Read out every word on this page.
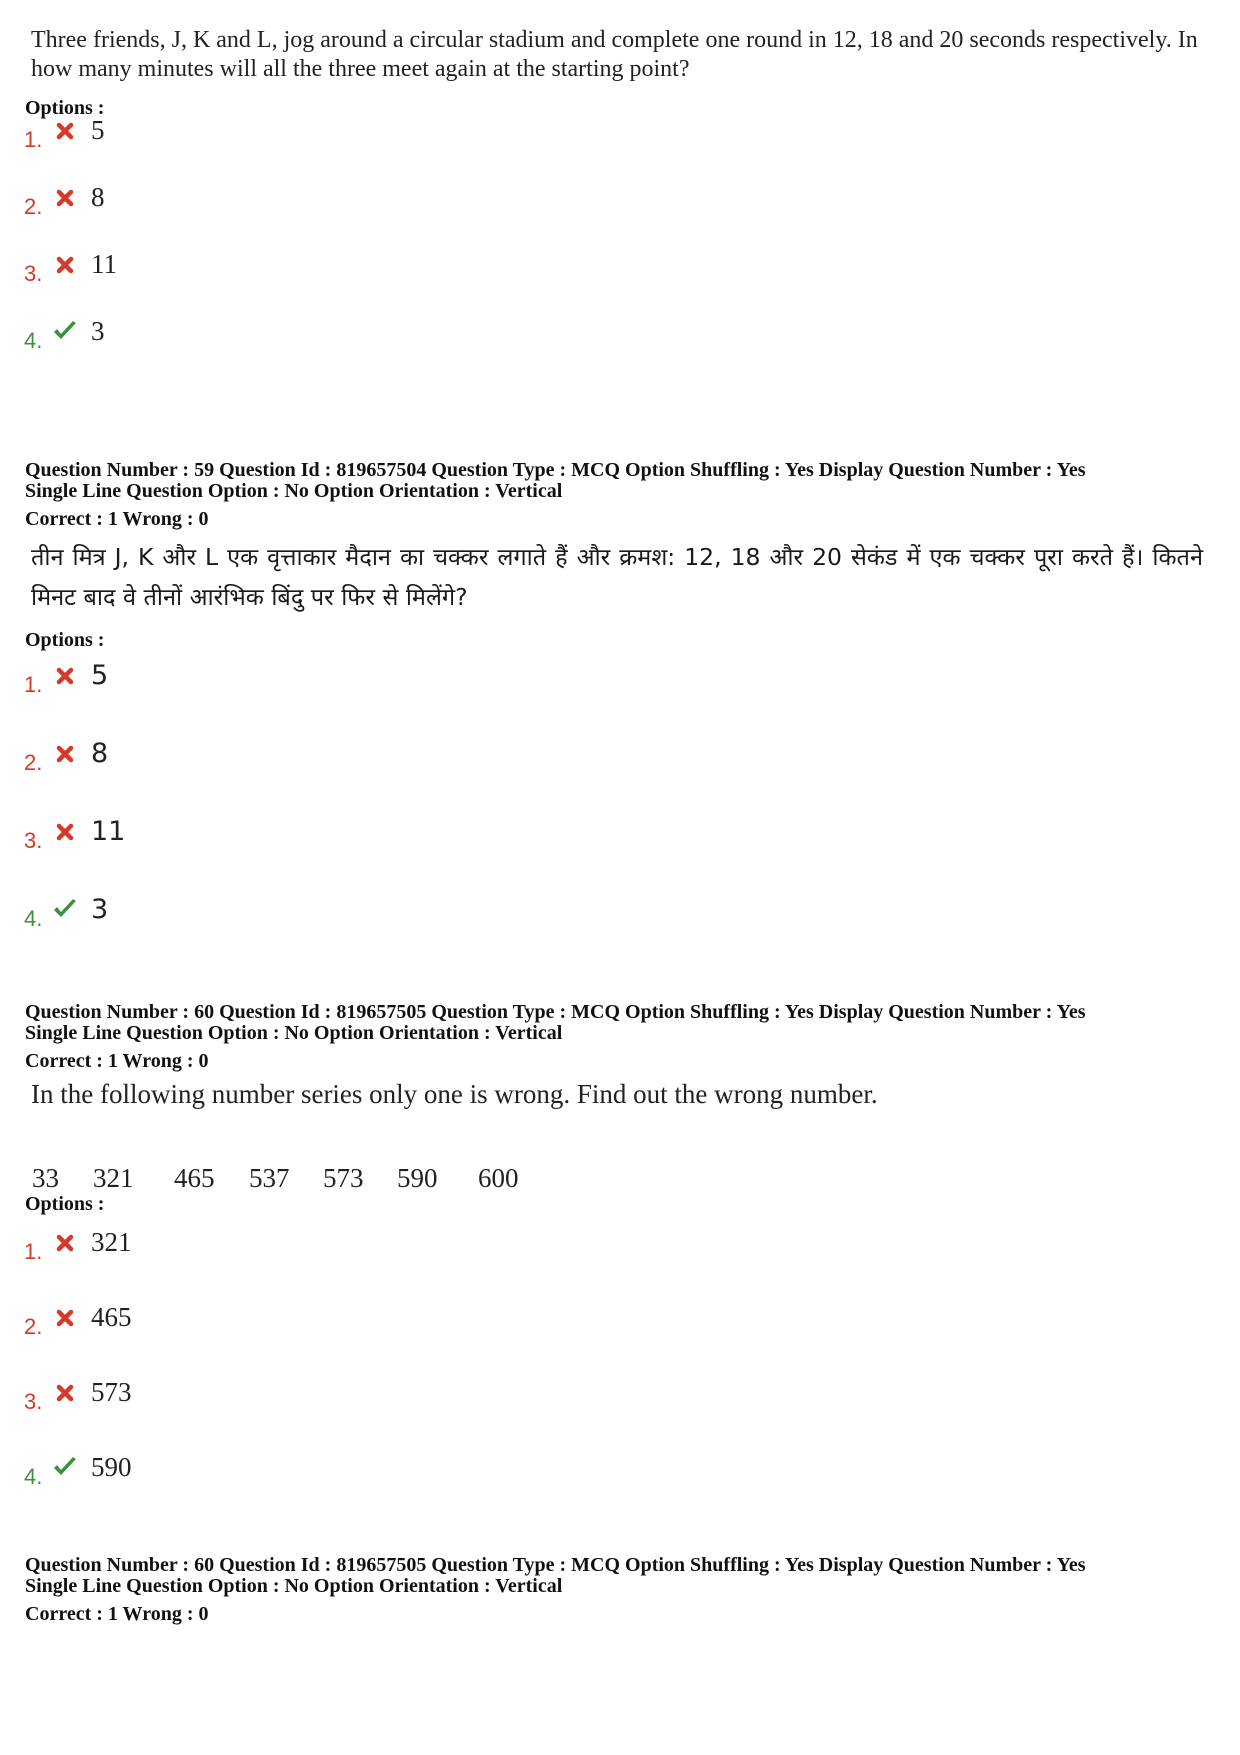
Three friends, J, K and L, jog around a circular stadium and complete one round in 12, 18 and 20 seconds respectively. In how many minutes will all the three meet again at the starting point?
Options :
1. 5
2. 8
3. 11
4. 3
Question Number : 59 Question Id : 819657504 Question Type : MCQ Option Shuffling : Yes Display Question Number : Yes
Single Line Question Option : No Option Orientation : Vertical
Correct : 1 Wrong : 0
तीन मित्र J, K और L एक वृत्ताकार मैदान का चक्कर लगाते हैं और क्रमश: 12, 18 और 20 सेकंड में एक चक्कर पूरा करते हैं। कितने मिनट बाद वे तीनों आरंभिक बिंदु पर फिर से मिलेंगे?
Options :
1. 5
2. 8
3. 11
4. 3
Question Number : 60 Question Id : 819657505 Question Type : MCQ Option Shuffling : Yes Display Question Number : Yes
Single Line Question Option : No Option Orientation : Vertical
Correct : 1 Wrong : 0
In the following number series only one is wrong. Find out the wrong number.
33 321 465 537 573 590 600
Options :
1. 321
2. 465
3. 573
4. 590
Question Number : 60 Question Id : 819657505 Question Type : MCQ Option Shuffling : Yes Display Question Number : Yes
Single Line Question Option : No Option Orientation : Vertical
Correct : 1 Wrong : 0
